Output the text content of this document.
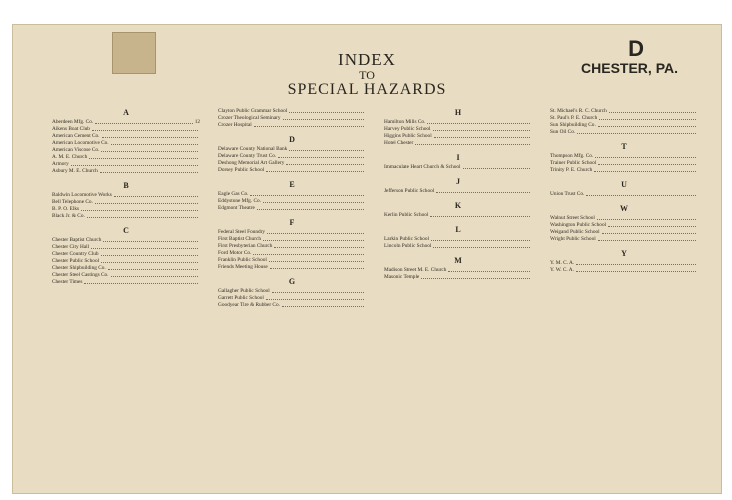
INDEX
TO
SPECIAL HAZARDS
D
CHESTER, PA.
A
Aberdeen Mfg. Co.	12
Aikens Boat Club
American Cement Co.
American Locomotive Co.
American Viscose Co.
A. M. E. Church
Armory
Asbury M. E. Church
B
Baldwin Locomotive Works
Bell Telephone Co.
B. P. O. Elks
Black Jr. & Co.
C
Chester Baptist Church
Chester City Hall
Chester Country Club
Chester Public School
Chester Shipbuilding Co.
Chester Steel Castings Co.
Chester Times
Clayton Public Grammar School
Crozer Theological Seminary
Crozer Hospital
D
Delaware County National Bank
Delaware County Trust Co.
Deshong Memorial Art Gallery
Dorsey Public School
E
Eagle Gas Co.
Eddystone Mfg. Co.
Edgmont Theatre
F
Federal Steel Foundry
First Baptist Church
First Presbyterian Church
Ford Motor Co.
Franklin Public School
Friends Meeting House
G
Gallagher Public School
Garrett Public School
Goodyear Tire & Rubber Co.
H
Hamilton Mills Co.
Harvey Public School
Higgins Public School
Hotel Chester
I
Immaculate Heart Church & School
J
Jefferson Public School
K
Kerlin Public School
L
Larkin Public School
Lincoln Public School
M
Madison Street M. E. Church
Masonic Temple
St. Michael's R. C. Church
St. Paul's P. E. Church
Sun Shipbuilding Co.
Sun Oil Co.
T
Thompson Mfg. Co.
Trainer Public School
Trinity P. E. Church
U
Union Trust Co.
W
Walnut Street School
Washington Public School
Weigand Public School
Wright Public School
Y
Y. M. C. A.
Y. W. C. A.
